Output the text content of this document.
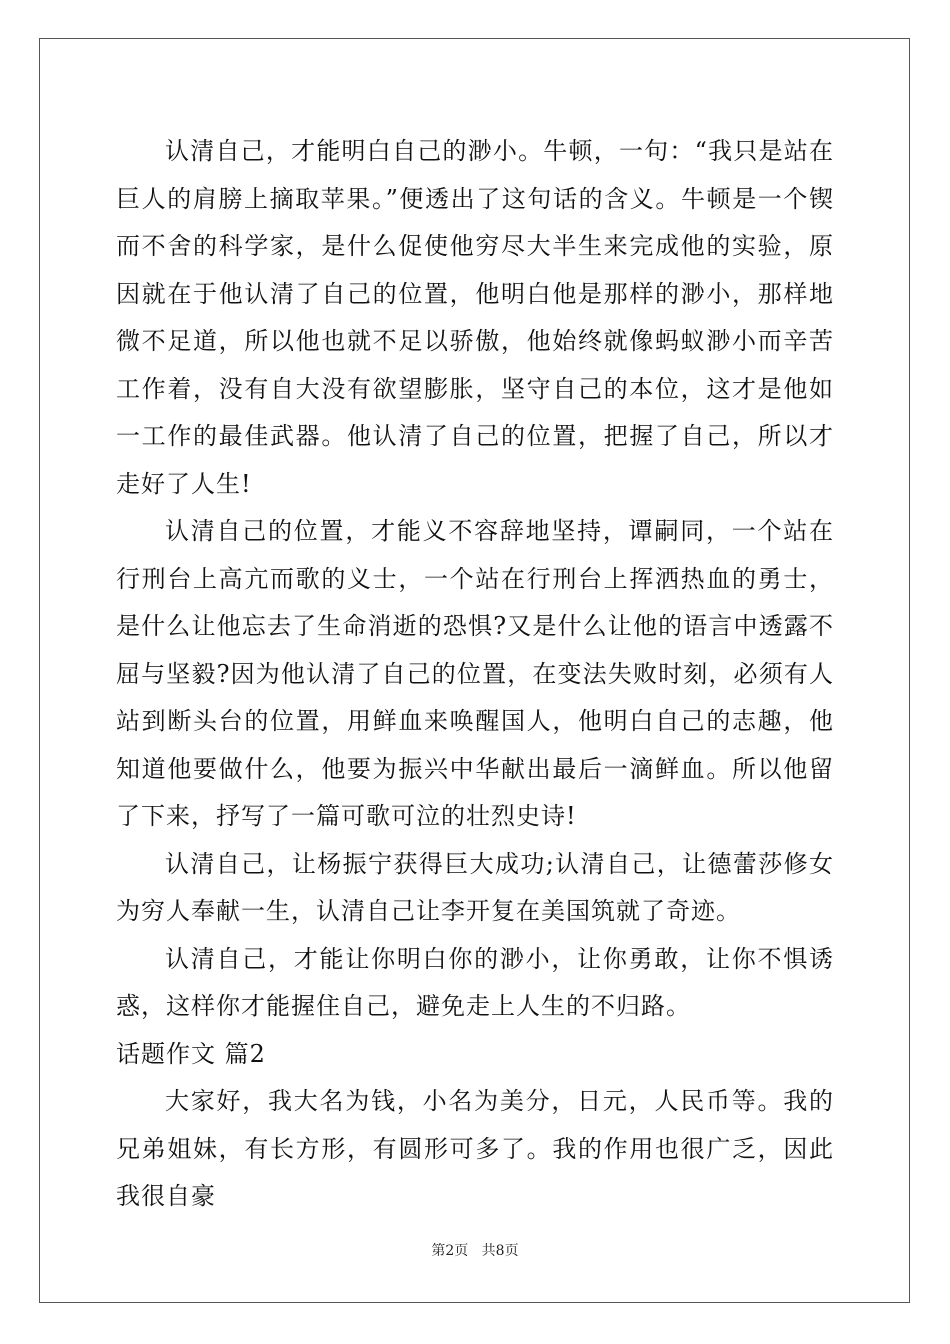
认清自己，才能明白自己的渺小。牛顿，一句：“我只是站在巨人的肩膀上摘取苹果。”便透出了这句话的含义。牛顿是一个锲而不舍的科学家，是什么促使他穷尽大半生来完成他的实验，原因就在于他认清了自己的位置，他明白他是那样的渺小，那样地微不足道，所以他也就不足以骄傲，他始终就像蚂蚁渺小而辛苦工作着，没有自大没有欲望膨胀，坚守自己的本位，这才是他如一工作的最佳武器。他认清了自己的位置，把握了自己，所以才走好了人生!

认清自己的位置，才能义不容辞地坚持，谭嗣同，一个站在行刑台上高亢而歌的义士，一个站在行刑台上挥洒热血的勇士，是什么让他忘去了生命消逝的恐惧?又是什么让他的语言中透露不屈与坚毅?因为他认清了自己的位置，在变法失败时刻，必须有人站到断头台的位置，用鲜血来唤醒国人，他明白自己的志趣，他知道他要做什么，他要为振兴中华献出最后一滴鲜血。所以他留了下来，抒写了一篇可歌可泣的壮烈史诗!

认清自己，让杨振宁获得巨大成功;认清自己，让德蕾莎修女为穷人奉献一生，认清自己让李开复在美国筑就了奇迹。

认清自己，才能让你明白你的渺小，让你勇敢，让你不惧诱惑，这样你才能握住自己，避免走上人生的不归路。

话题作文 篇2

大家好，我大名为钱，小名为美分，日元，人民币等。我的兄弟姐妹，有长方形，有圆形可多了。我的作用也很广乏，因此我很自豪

第2页 共8页
